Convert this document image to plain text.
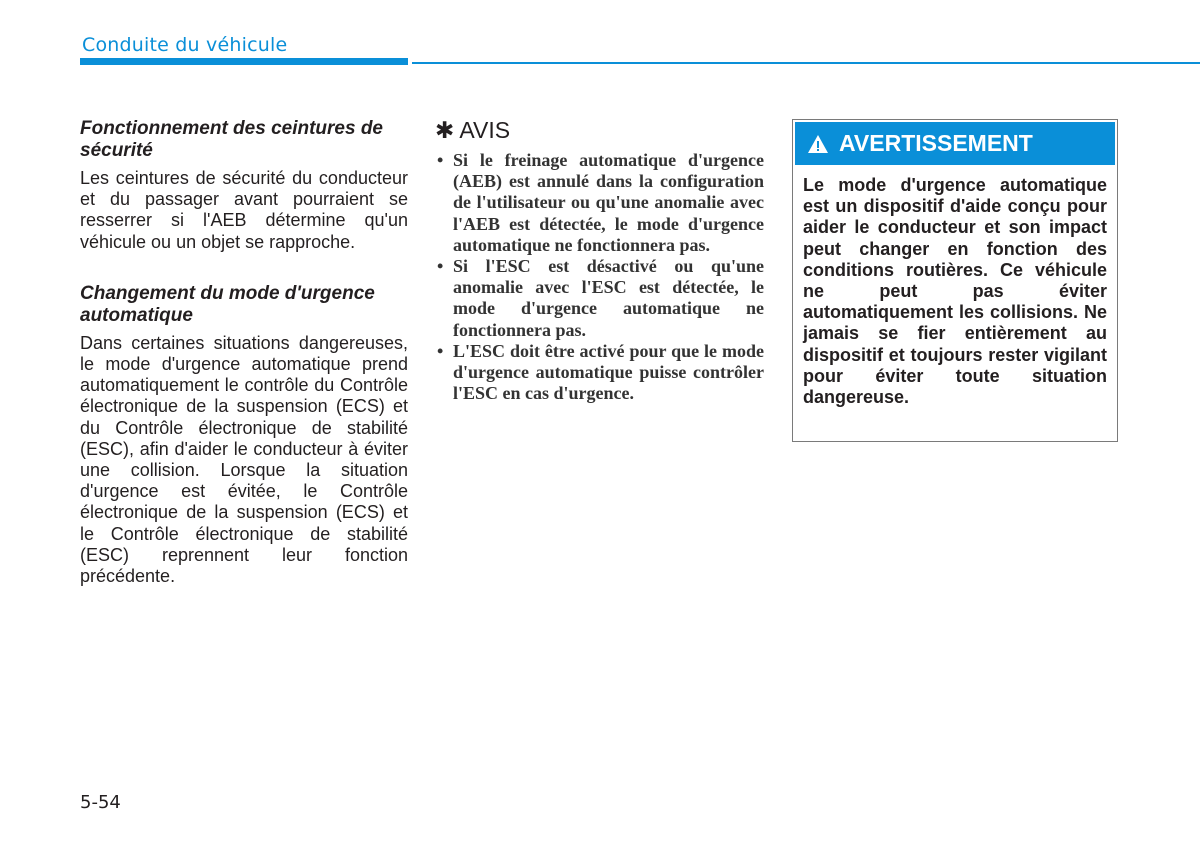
Conduite du véhicule
Fonctionnement des ceintures de sécurité

Les ceintures de sécurité du conducteur et du passager avant pourraient se resserrer si l'AEB détermine qu'un véhicule ou un objet se rapproche.

Changement du mode d'urgence automatique

Dans certaines situations dangereuses, le mode d'urgence automatique prend automatiquement le contrôle du Contrôle électronique de la suspension (ECS) et du Contrôle électronique de stabilité (ESC), afin d'aider le conducteur à éviter une collision. Lorsque la situation d'urgence est évitée, le Contrôle électronique de la suspension (ECS) et le Contrôle électronique de stabilité (ESC) reprennent leur fonction précédente.

✱ AVIS
• Si le freinage automatique d'urgence (AEB) est annulé dans la configuration de l'utilisateur ou qu'une anomalie avec l'AEB est détectée, le mode d'urgence automatique ne fonctionnera pas.
• Si l'ESC est désactivé ou qu'une anomalie avec l'ESC est détectée, le mode d'urgence automatique ne fonctionnera pas.
• L'ESC doit être activé pour que le mode d'urgence automatique puisse contrôler l'ESC en cas d'urgence.
AVERTISSEMENT
Le mode d'urgence automatique est un dispositif d'aide conçu pour aider le conducteur et son impact peut changer en fonction des conditions routières. Ce véhicule ne peut pas éviter automatiquement les collisions. Ne jamais se fier entièrement au dispositif et toujours rester vigilant pour éviter toute situation dangereuse.
5-54
